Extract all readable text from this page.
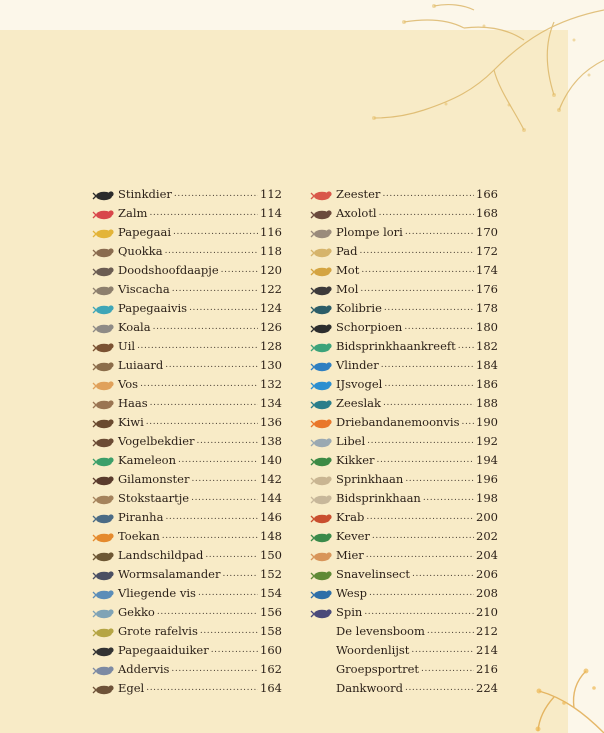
Stinkdier .....	112
Zalm .....	114
Papegaai .....	116
Quokka .....	118
Doodshoofdaapje .....	120
Viscacha .....	122
Papegaaivis .....	124
Koala .....	126
Uil .....	128
Luiaard .....	130
Vos .....	132
Haas .....	134
Kiwi .....	136
Vogelbekdier .....	138
Kameleon .....	140
Gilamonster .....	142
Stokstaartje .....	144
Piranha .....	146
Toekan .....	148
Landschildpad .....	150
Wormsalamander .....	152
Vliegende vis .....	154
Gekko .....	156
Grote rafelvis .....	158
Papegaaiduiker .....	160
Addervis .....	162
Egel .....	164
Zeester .....	166
Axolotl .....	168
Plompe lori .....	170
Pad .....	172
Mot .....	174
Mol .....	176
Kolibrie .....	178
Schorpioen .....	180
Bidsprinkhaankreeft ..... 182
Vlinder .....	184
IJsvogel .....	186
Zeeslak .....	188
Driebandanemoonvis ..... 190
Libel .....	192
Kikker .....	194
Sprinkhaan .....	196
Bidsprinkhaan .....	198
Krab .....	200
Kever .....	202
Mier .....	204
Snavelinsect .....	206
Wesp .....	208
Spin .....	210
De levensboom .....	212
Woordenlijst .....	214
Groepsportret .....	216
Dankwoord .....	224
